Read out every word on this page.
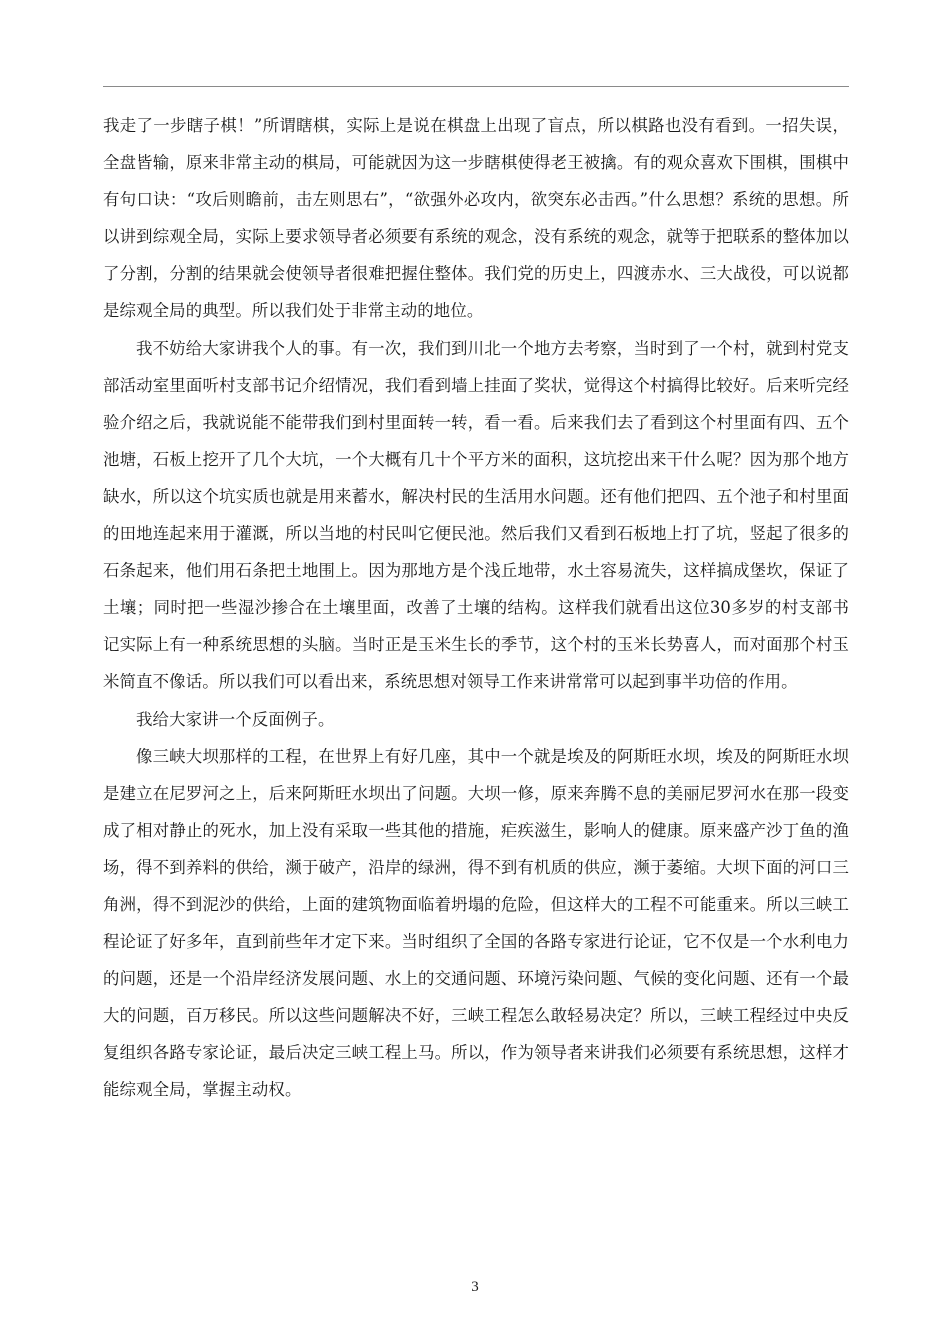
我走了一步瞎子棋！”所谓瞎棋，实际上是说在棋盘上出现了盲点，所以棋路也没有看到。一招失误，全盘皆输，原来非常主动的棋局，可能就因为这一步瞎棋使得老王被擒。有的观众喜欢下围棋，围棋中有句口诀：“攻后则瞻前，击左则思右”，“欲强外必攻内，欲突东必击西。”什么思想？系统的思想。所以讲到综观全局，实际上要求领导者必须要有系统的观念，没有系统的观念，就等于把联系的整体加以了分割，分割的结果就会使领导者很难把握住整体。我们党的历史上，四渡赤水、三大战役，可以说都是综观全局的典型。所以我们处于非常主动的地位。

我不妨给大家讲我个人的事。有一次，我们到川北一个地方去考察，当时到了一个村，就到村党支部活动室里面听村支部书记介绍情况，我们看到墙上挂面了奖状，觉得这个村搞得比较好。后来听完经验介绍之后，我就说能不能带我们到村里面转一转，看一看。后来我们去了看到这个村里面有四、五个池塘，石板上挖开了几个大坑，一个大概有几十个平方米的面积，这坑挖出来干什么呢？因为那个地方缺水，所以这个坑实质也就是用来蓄水，解决村民的生活用水问题。还有他们把四、五个池子和村里面的田地连起来用于灌溉，所以当地的村民叫它便民池。然后我们又看到石板地上打了坑，竖起了很多的石条起来，他们用石条把土地围上。因为那地方是个浅丘地带，水土容易流失，这样搞成堡坎，保证了土壤；同时把一些湿沙掺合在土壤里面，改善了土壤的结构。这样我们就看出这位30多岁的村支部书记实际上有一种系统思想的头脑。当时正是玉米生长的季节，这个村的玉米长势喜人，而对面那个村玉米简直不像话。所以我们可以看出来，系统思想对领导工作来讲常常可以起到事半功倍的作用。

我给大家讲一个反面例子。

像三峡大坝那样的工程，在世界上有好几座，其中一个就是埃及的阿斯旺水坝，埃及的阿斯旺水坝是建立在尼罗河之上，后来阿斯旺水坝出了问题。大坝一修，原来奔腾不息的美丽尼罗河水在那一段变成了相对静止的死水，加上没有采取一些其他的措施，疟疾滋生，影响人的健康。原来盛产沙丁鱼的渔场，得不到养料的供给，濒于破产，沿岸的绿洲，得不到有机质的供应，濒于萎缩。大坝下面的河口三角洲，得不到泥沙的供给，上面的建筑物面临着坍塌的危险，但这样大的工程不可能重来。所以三峡工程论证了好多年，直到前些年才定下来。当时组织了全国的各路专家进行论证，它不仅是一个水利电力的问题，还是一个沿岸经济发展问题、水上的交通问题、环境污染问题、气候的变化问题、还有一个最大的问题，百万移民。所以这些问题解决不好，三峡工程怎么敢轻易决定？所以，三峡工程经过中央反复组织各路专家论证，最后决定三峡工程上马。所以，作为领导者来讲我们必须要有系统思想，这样才能综观全局，掌握主动权。

3
